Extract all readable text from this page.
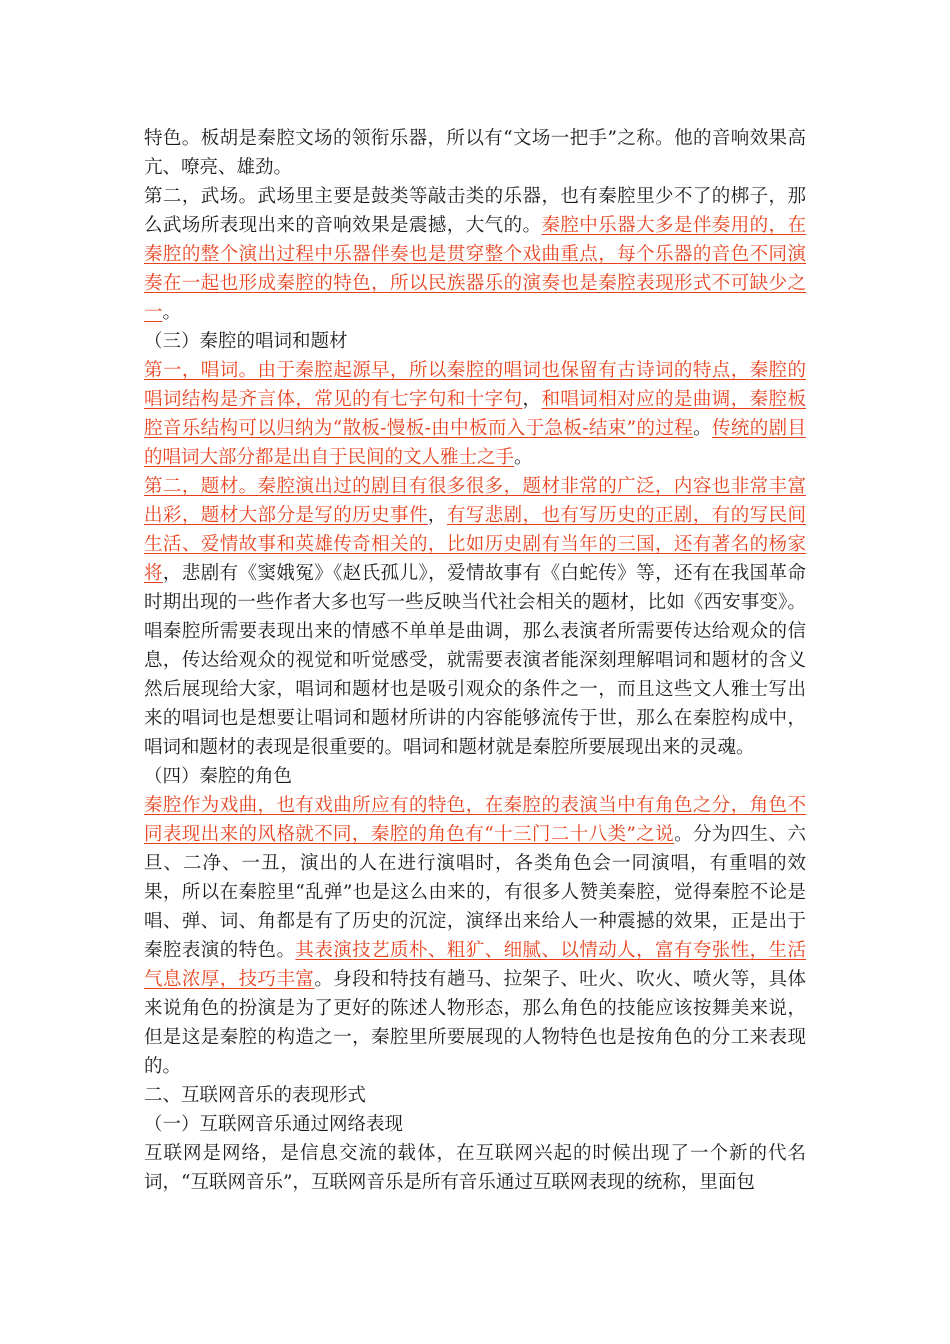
特色。板胡是秦腔文场的领衔乐器，所以有“文场一把手”之称。他的音响效果高亢、嘹亮、雄劲。

第二，武场。武场里主要是鼓类等敲击类的乐器，也有秦腔里少不了的梆子，那么武场所表现出来的音响效果是震撼，大气的。秦腔中乐器大多是伴奏用的，在秦腔的整个演出过程中乐器伴奏也是贯穿整个戏曲重点，每个乐器的音色不同演奏在一起也形成秦腔的特色，所以民族器乐的演奏也是秦腔表现形式不可缺少之一。

（三）秦腔的唱词和题材

第一，唱词。由于秦腔起源早，所以秦腔的唱词也保留有古诗词的特点，秦腔的唱词结构是齐言体，常见的有七字句和十字句，和唱词相对应的是曲调，秦腔板腔音乐结构可以归纳为“散板-慢板-由中板而入于急板-结束”的过程。传统的剧目的唱词大部分都是出自于民间的文人雅士之手。

第二，题材。秦腔演出过的剧目有很多很多，题材非常的广泛，内容也非常丰富出彩，题材大部分是写的历史事件，有写悲剧，也有写历史的正剧，有的写民间生活、爱情故事和英雄传奇相关的，比如历史剧有当年的三国，还有著名的杨家将，悲剧有《窦娥冤》《赵氏孤儿》，爱情故事有《白蛇传》等，还有在我国革命时期出现的一些作者大多也写一些反映当代社会相关的题材，比如《西安事变》。唱秦腔所需要表现出来的情感不单单是曲调，那么表演者所需要传达给观众的信息，传达给观众的视觉和听觉感受，就需要表演者能深刻理解唱词和题材的含义然后展现给大家，唱词和题材也是吸引观众的条件之一，而且这些文人雅士写出来的唱词也是想要让唱词和题材所讲的内容能够流传于世，那么在秦腔构成中，唱词和题材的表现是很重要的。唱词和题材就是秦腔所要展现出来的灵魂。

（四）秦腔的角色

秦腔作为戏曲，也有戏曲所应有的特色，在秦腔的表演当中有角色之分，角色不同表现出来的风格就不同，秦腔的角色有“十三门二十八类”之说。分为四生、六旦、二净、一丑，演出的人在进行演唱时，各类角色会一同演唱，有重唱的效果，所以在秦腔里“乱弹”也是这么由来的，有很多人赞美秦腔，觉得秦腔不论是唱、弹、词、角都是有了历史的沉淀，演绎出来给人一种震撼的效果，正是出于秦腔表演的特色。其表演技艺质朴、粗犷、细腻、以情动人，富有夸张性，生活气息浓厚，技巧丰富。身段和特技有趟马、拉架子、吐火、吹火、喷火等，具体来说角色的扮演是为了更好的陈述人物形态，那么角色的技能应该按舞美来说，但是这是秦腔的构造之一，秦腔里所要展现的人物特色也是按角色的分工来表现的。

二、互联网音乐的表现形式

（一）互联网音乐通过网络表现

互联网是网络，是信息交流的载体，在互联网兴起的时候出现了一个新的代名词，“互联网音乐”，互联网音乐是所有音乐通过互联网表现的统称，里面包
